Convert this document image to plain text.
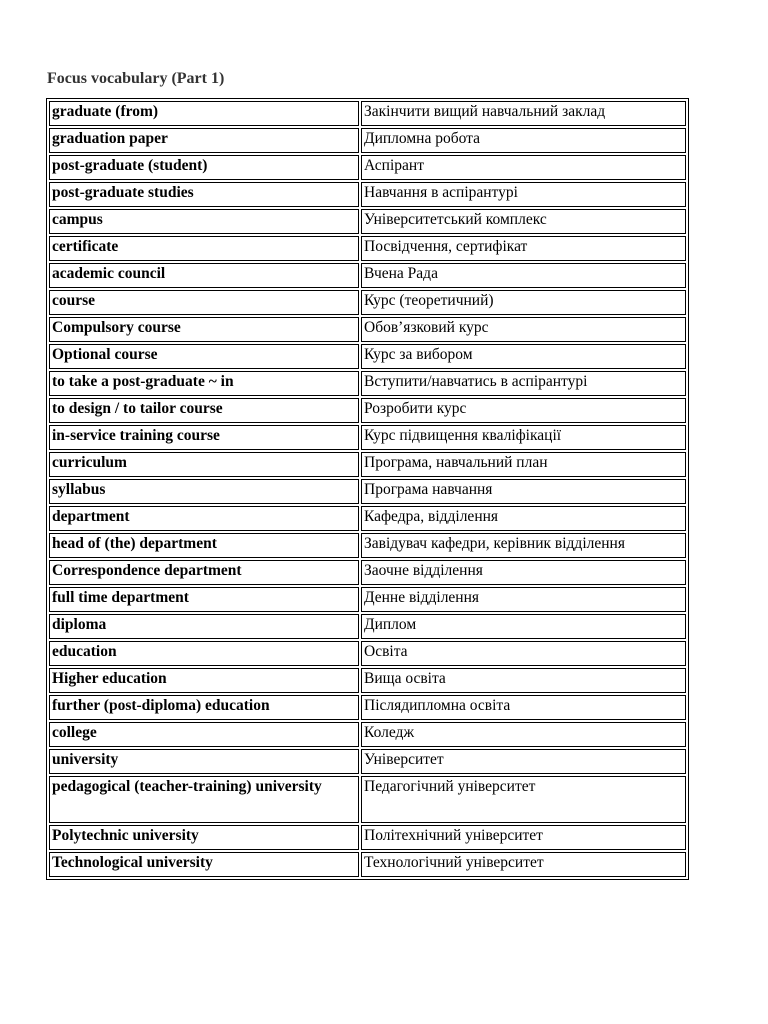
Focus vocabulary (Part 1)
graduate (from)	Закінчити вищий навчальний заклад
graduation paper	Дипломна робота
post-graduate (student)	Аспірант
post-graduate studies	Навчання в аспірантурі
campus	Університетський комплекс
certificate	Посвідчення, сертифікат
academic council	Вчена Рада
course	Курс (теоретичний)
Compulsory course	Обов’язковий курс
Optional course	Курс за вибором
to take a post-graduate ~ in	Вступити/навчатись в аспірантурі
to design / to tailor course	Розробити курс
in-service training course	Курс підвищення кваліфікації
curriculum	Програма, навчальний план
syllabus	Програма навчання
department	Кафедра, відділення
head of (the) department	Завідувач кафедри, керівник відділення
Correspondence department	Заочне відділення
full time department	Денне відділення
diploma	Диплом
education	Освіта
Higher education	Вища освіта
further (post-diploma) education	Післядипломна освіта
college	Коледж
university	Університет
pedagogical (teacher-training) university	Педагогічний університет
Polytechnic university	Політехнічний університет
Technological university	Технологічний університет
